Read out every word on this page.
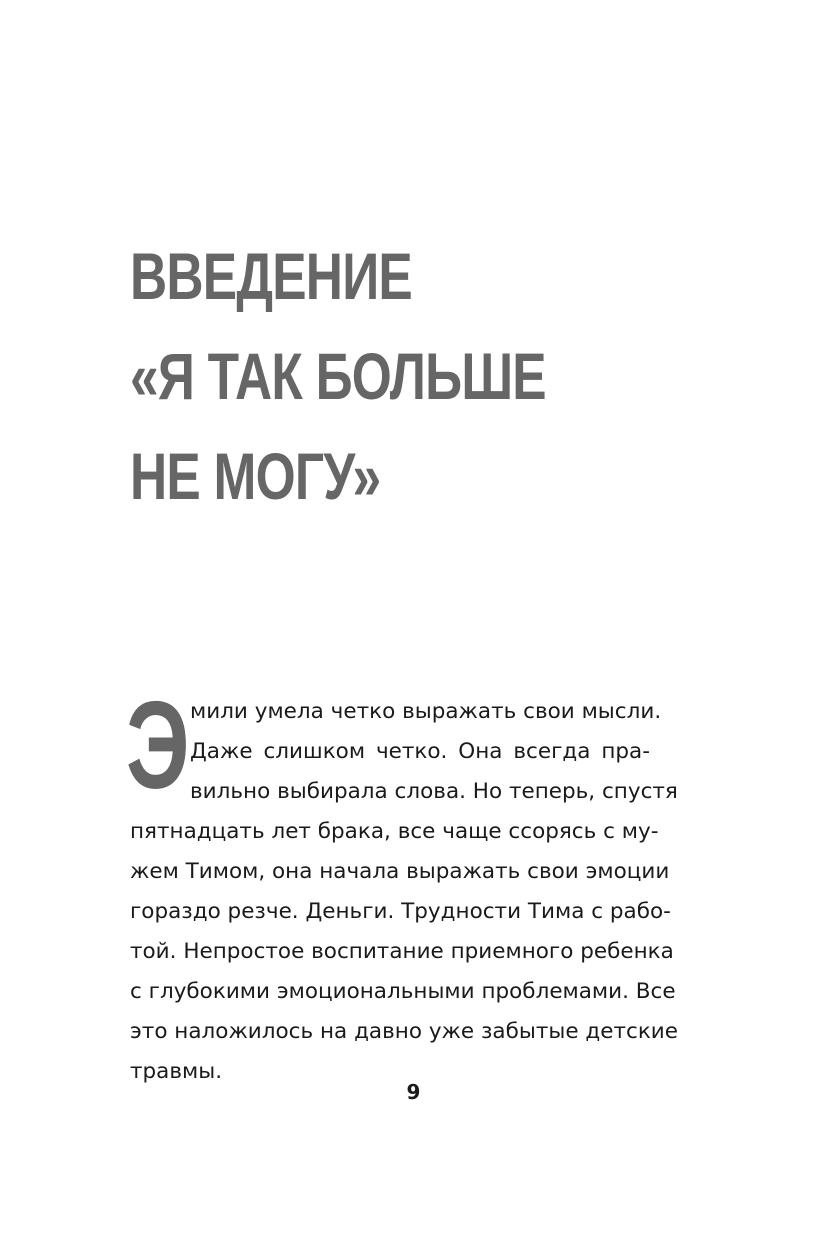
ВВЕДЕНИЕ
«Я ТАК БОЛЬШЕ
НЕ МОГУ»
Э мили умела четко выражать свои мысли.
Даже слишком четко. Она всегда пра-
вильно выбирала слова. Но теперь, спустя
пятнадцать лет брака, все чаще ссорясь с му-
жем Тимом, она начала выражать свои эмоции
гораздо резче. Деньги. Трудности Тима с рабо-
той. Непростое воспитание приемного ребенка
с глубокими эмоциональными проблемами. Все
это наложилось на давно уже забытые детские
травмы.
9
